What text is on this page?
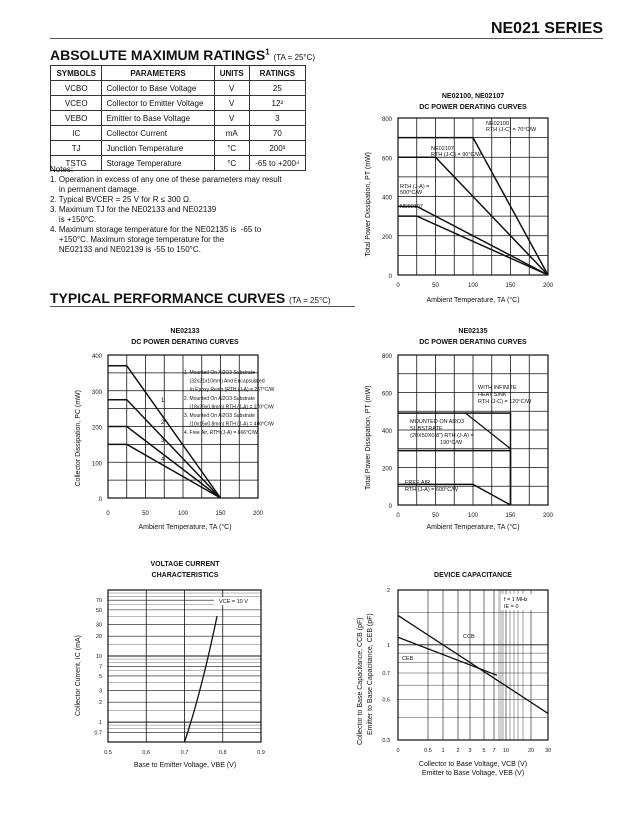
NE021 SERIES
ABSOLUTE MAXIMUM RATINGS$^1$ (TA = 25°C)
SYMBOLS	PARAMETERS	UNITS	RATINGS
VCBO	Collector to Base Voltage	V	25
VCEO	Collector to Emitter Voltage	V	12²
VEBO	Emitter to Base Voltage	V	3
IC	Collector Current	mA	70
TJ	Junction Temperature	°C	200³
TSTG	Storage Temperature	°C	-65 to +200⁴
Notes:
1. Operation in excess of any one of these parameters may result
in permanent damage.
2. Typical BVCER = 25 V for R ≤ 300 Ω.
3. Maximum TJ for the NE02133 and NE02139
is +150°C.
4. Maximum storage temperature for the NE02135 is  -65 to
+150°C. Maximum storage temperature for the
NE02133 and NE02139 is -55 to 150°C.
TYPICAL PERFORMANCE CURVES (TA = 25°C)
NE02100, NE02107
DC POWER DERATING CURVES
0	50	100	150	200
0
200
400
600
800
Ambient Temperature, TA (°C)
Total Power Dissipation, PT (mW)
NE02100
RTH (J-C) = 70°C/W
NE02107
RTH (J-C) = 90°C/W
RTH (J-A) =
500°C/W
NE02107
NE02133
DC POWER DERATING CURVES
0	50	100	150	200
0
100
200
300
400
Ambient Temperature, TA (°C)
Collector Dissipation, PC (mW)	1
2
3
4
1. Mounted On Al2O3 Substrate
(32x21x10mm) And Encapsulated
In Epoxy Resin (RTH (J-A) = 267°C/W
2. Mounted On Al2O3 Substrate
(18x29x0.8mm) RTH (J-A) = 370°C/W
3. Mounted On Al2O3 Substrate
(10x15x0.8mm) RTH (J-A) = 490°C/W
4. Free Air, RTH (J-A) = 666°C/W
NE02135
DC POWER DERATING CURVES
0	50	100	150	200
0
200
400
600
800
Ambient Temperature, TA (°C)
Total Power Dissipation, PT (mW)	WITH INFINITE
HEAT SINK
RTH (J-C) = 120°C/W
MOUNTED ON Al2O3
SUBSTRATE
(20X50X0.8") RTH (J-A) =
190°C/W
FREE AIR
RTH (J-A) = 600°C/W
VOLTAGE CURRENT
CHARACTERISTICS
70
50
30
20
10
7
5
3
2
1
0.7
0.5	0.6	0.7	0.8	0.9
Base to Emitter Voltage, VBE (V)
Collector Current, IC (mA)
VCE = 10 V
DEVICE CAPACITANCE
2
1
0.7
0.5
0.3
0	0.5 1 2 3 5 7 10	20 30
Collector to Base Voltage, VCB (V)
Emitter to Base Voltage, VEB (V)
Collector to Base Capacitance, CCB (pF) Emitter to Base Capacitance, CEB (pF)
f = 1 MHz
IE = 0
CCB
CEB
